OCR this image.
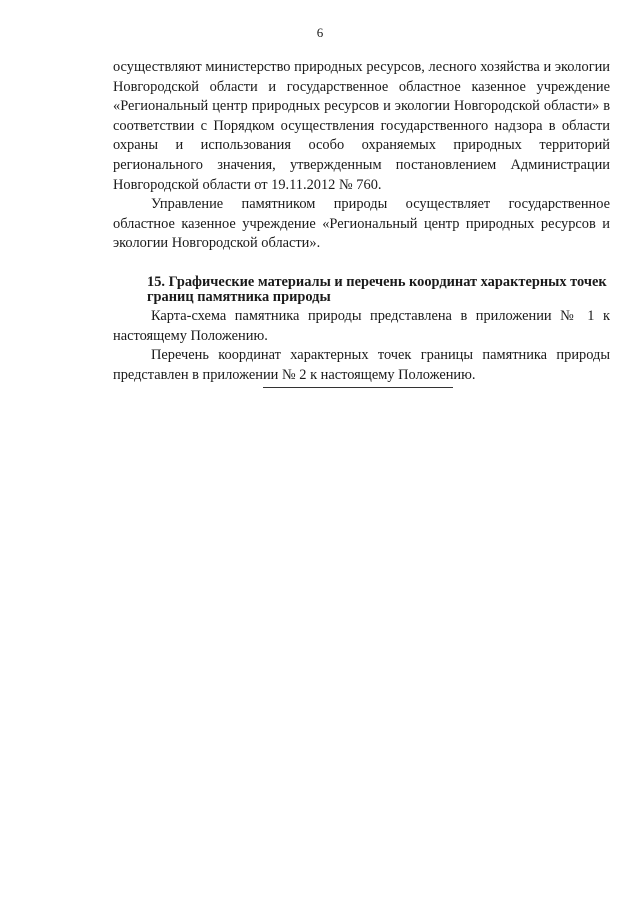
6

осуществляют министерство природных ресурсов, лесного хозяйства и экологии Новгородской области и государственное областное казенное учреждение «Региональный центр природных ресурсов и экологии Новгородской области» в соответствии с Порядком осуществления государственного надзора в области охраны и использования особо охраняемых природных территорий регионального значения, утвержденным постановлением Администрации Новгородской области от 19.11.2012 № 760.

Управление памятником природы осуществляет государственное областное казенное учреждение «Региональный центр природных ресурсов и экологии Новгородской области».

15. Графические материалы и перечень координат характерных точек границ памятника природы

Карта-схема памятника природы представлена в приложении № 1 к настоящему Положению.

Перечень координат характерных точек границы памятника природы представлен в приложении № 2 к настоящему Положению.
